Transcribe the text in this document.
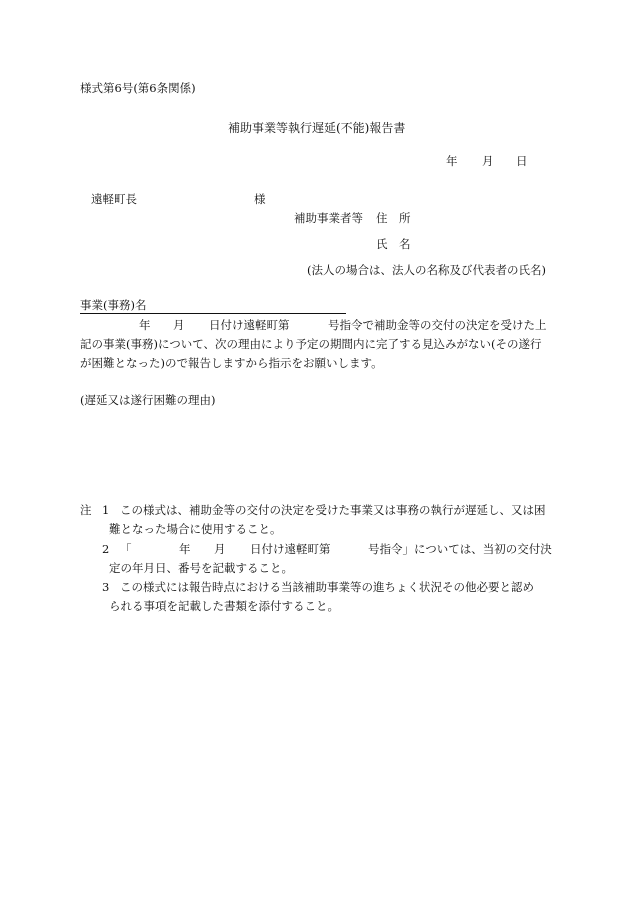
様式第6号(第6条関係)
補助事業等執行遅延(不能)報告書
年 月 日
遠軽町長	様
補助事業者等 住　所
氏　名
(法人の場合は、法人の名称及び代表者の氏名)
事業(事務)名
年 月 日付け遠軽町第	号指令で補助金等の交付の決定を受けた上
記の事業(事務)について、次の理由により予定の期間内に完了する見込みがない(その遂行
が困難となった)ので報告しますから指示をお願いします。
(遅延又は遂行困難の理由)
注 1 この様式は、補助金等の交付の決定を受けた事業又は事務の執行が遅延し、又は困
難となった場合に使用すること。
2 「	年 月 日付け遠軽町第	号指令」については、当初の交付決
定の年月日、番号を記載すること。
3 この様式には報告時点における当該補助事業等の進ちょく状況その他必要と認め
られる事項を記載した書類を添付すること。
